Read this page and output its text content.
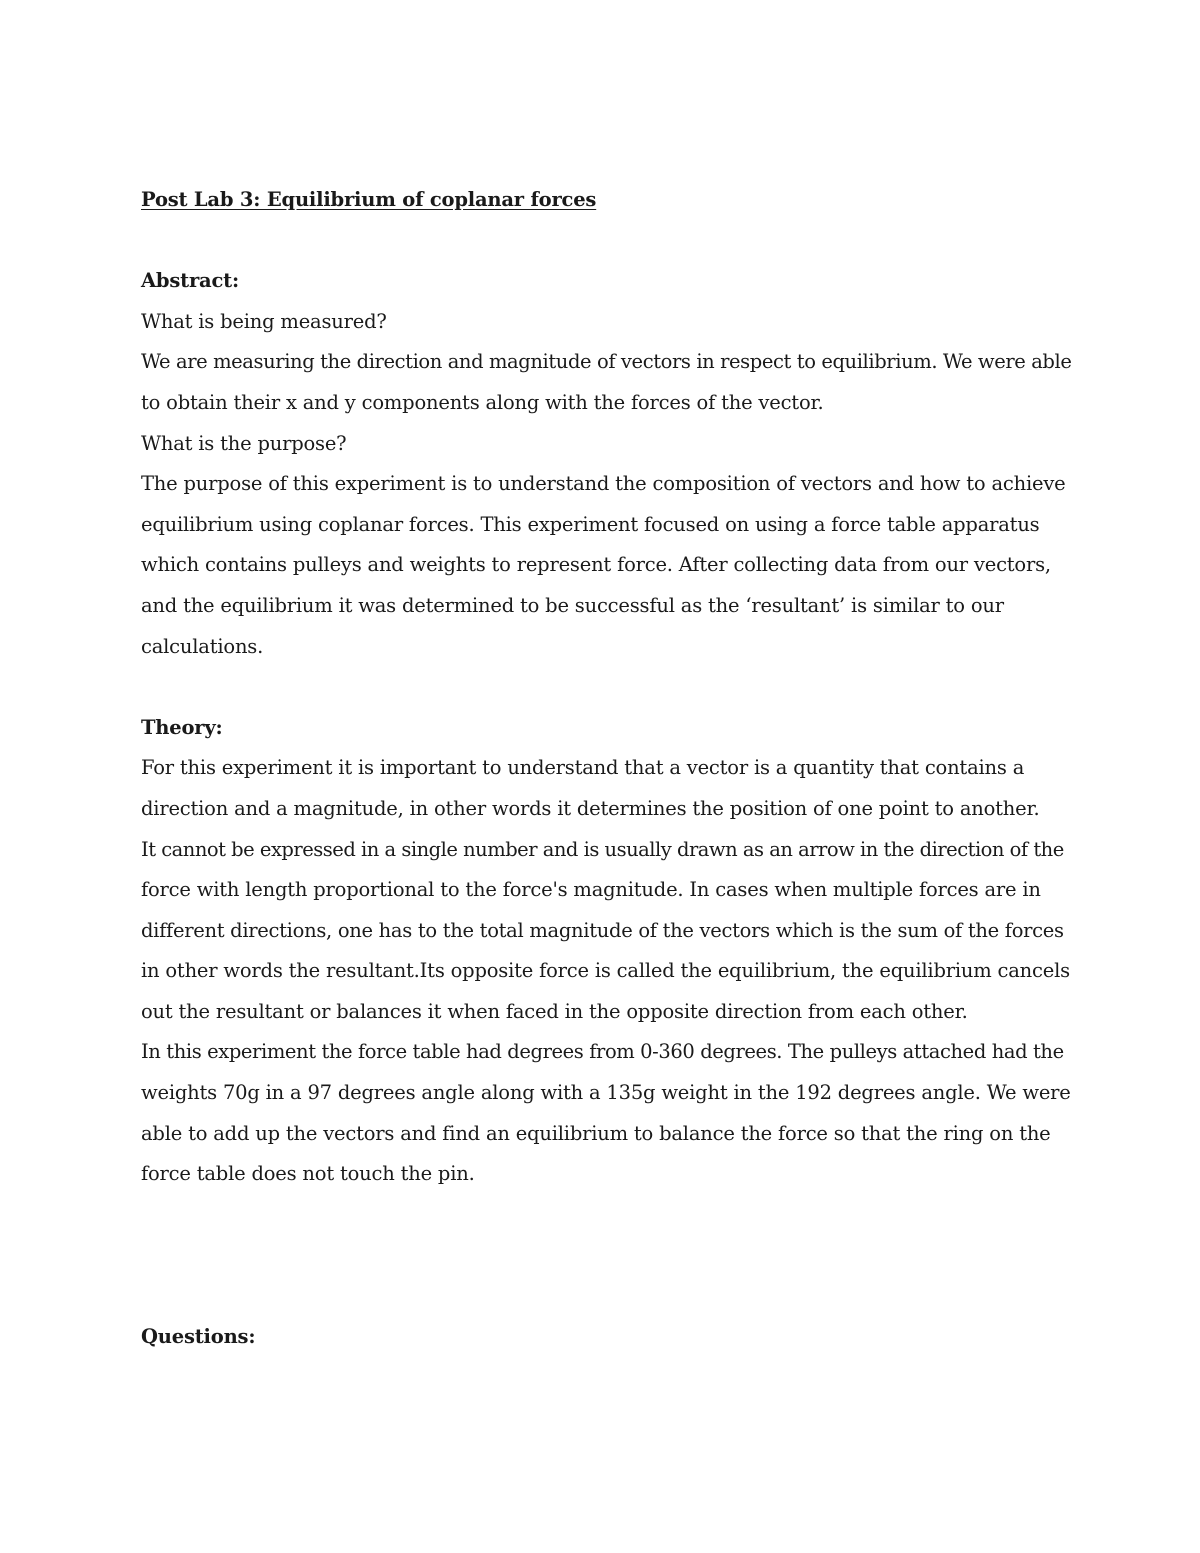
Post Lab 3: Equilibrium of coplanar forces

Abstract:

What is being measured?

We are measuring the direction and magnitude of vectors in respect to equilibrium. We were able
to obtain their x and y components along with the forces of the vector.

What is the purpose?

The purpose of this experiment is to understand the composition of vectors and how to achieve
equilibrium using coplanar forces. This experiment focused on using a force table apparatus
which contains pulleys and weights to represent force. After collecting data from our vectors,
and the equilibrium it was determined to be successful as the ‘resultant’ is similar to our
calculations.

Theory:

For this experiment it is important to understand that a vector is a quantity that contains a
direction and a magnitude, in other words it determines the position of one point to another.

It cannot be expressed in a single number and is usually drawn as an arrow in the direction of the
force with length proportional to the force's magnitude. In cases when multiple forces are in
different directions, one has to the total magnitude of the vectors which is the sum of the forces
in other words the resultant.Its opposite force is called the equilibrium, the equilibrium cancels
out the resultant or balances it when faced in the opposite direction from each other.

In this experiment the force table had degrees from 0-360 degrees. The pulleys attached had the
weights 70g in a 97 degrees angle along with a 135g weight in the 192 degrees angle. We were
able to add up the vectors and find an equilibrium to balance the force so that the ring on the
force table does not touch the pin.

Questions:
